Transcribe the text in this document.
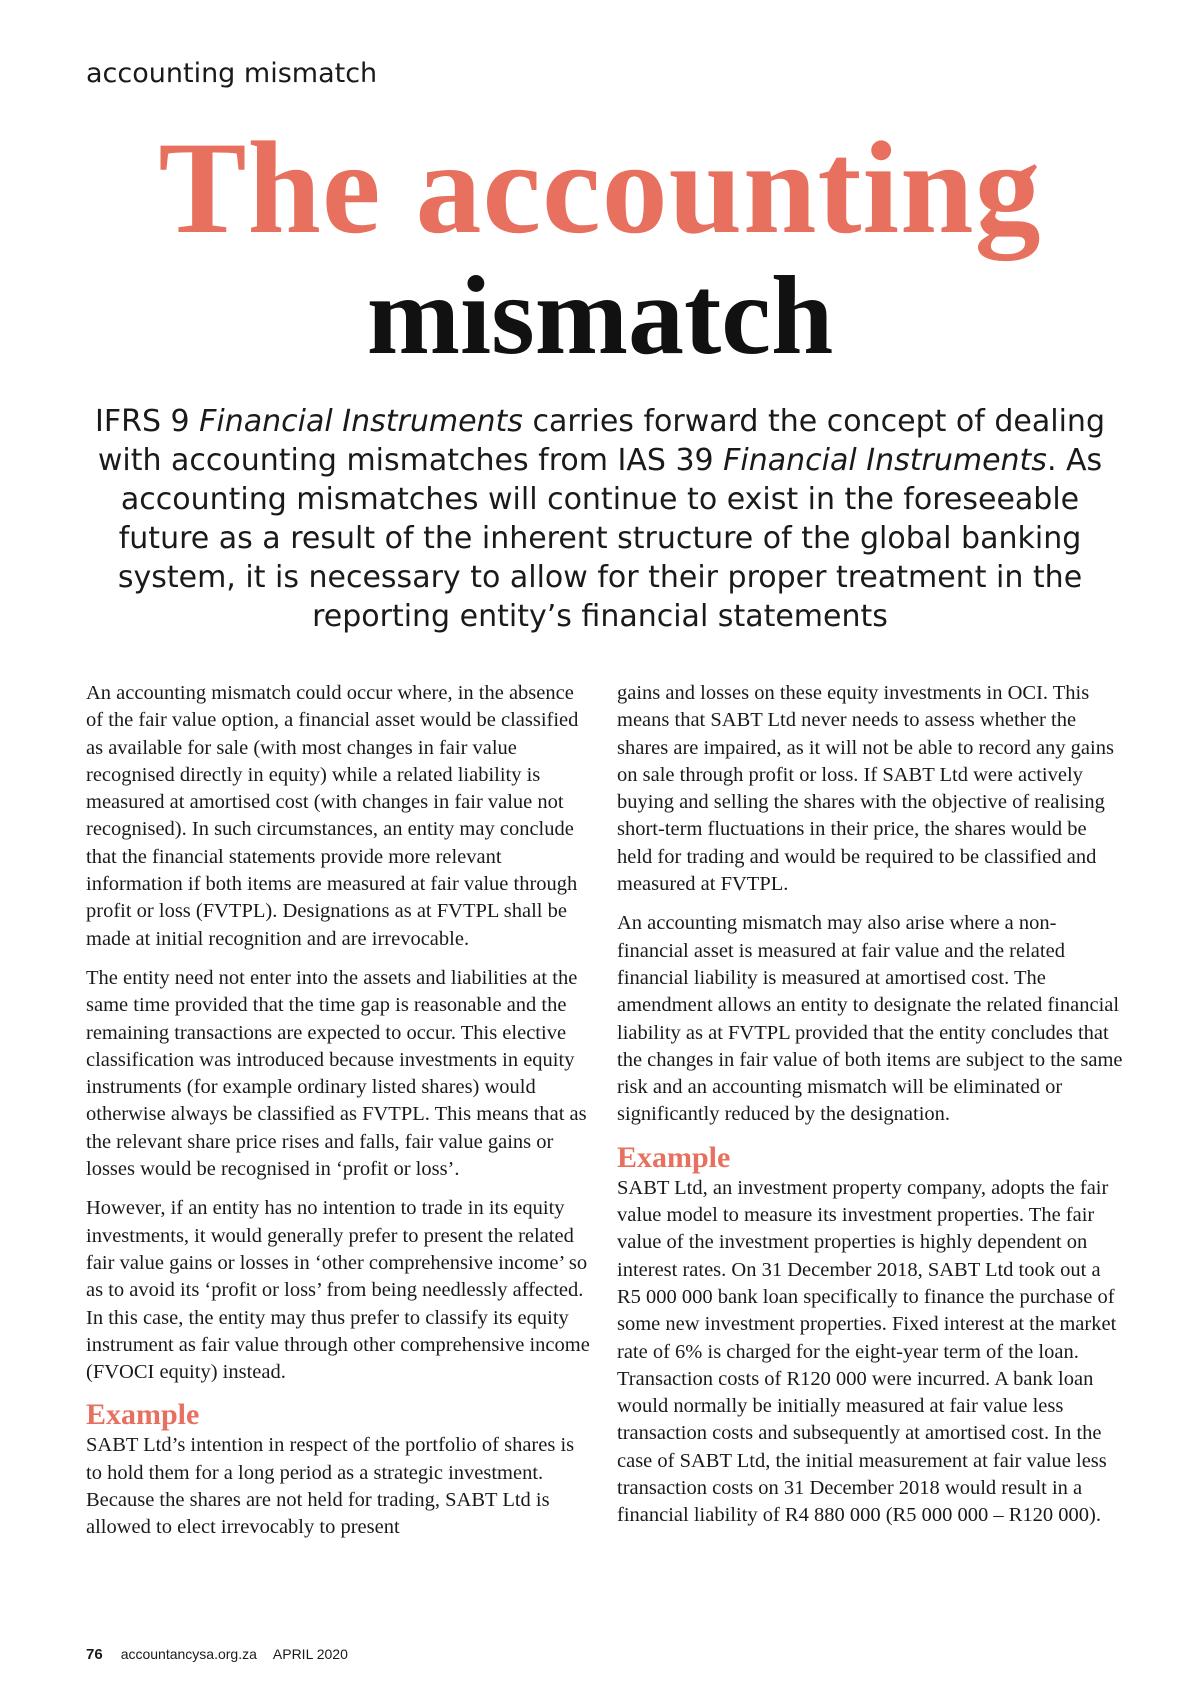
accounting mismatch
The accounting
mismatch
IFRS 9 Financial Instruments carries forward the concept of dealing with accounting mismatches from IAS 39 Financial Instruments. As accounting mismatches will continue to exist in the foreseeable future as a result of the inherent structure of the global banking system, it is necessary to allow for their proper treatment in the reporting entity’s financial statements

An accounting mismatch could occur where, in the absence of the fair value option, a financial asset would be classified as available for sale (with most changes in fair value recognised directly in equity) while a related liability is measured at amortised cost (with changes in fair value not recognised). In such circumstances, an entity may conclude that the financial statements provide more relevant information if both items are measured at fair value through profit or loss (FVTPL). Designations as at FVTPL shall be made at initial recognition and are irrevocable.

The entity need not enter into the assets and liabilities at the same time provided that the time gap is reasonable and the remaining transactions are expected to occur. This elective classification was introduced because investments in equity instruments (for example ordinary listed shares) would otherwise always be classified as FVTPL. This means that as the relevant share price rises and falls, fair value gains or losses would be recognised in ‘profit or loss’.

However, if an entity has no intention to trade in its equity investments, it would generally prefer to present the related fair value gains or losses in ‘other comprehensive income’ so as to avoid its ‘profit or loss’ from being needlessly affected. In this case, the entity may thus prefer to classify its equity instrument as fair value through other comprehensive income (FVOCI equity) instead.

Example

SABT Ltd’s intention in respect of the portfolio of shares is to hold them for a long period as a strategic investment. Because the shares are not held for trading, SABT Ltd is allowed to elect irrevocably to present

gains and losses on these equity investments in OCI. This means that SABT Ltd never needs to assess whether the shares are impaired, as it will not be able to record any gains on sale through profit or loss. If SABT Ltd were actively buying and selling the shares with the objective of realising short-term fluctuations in their price, the shares would be held for trading and would be required to be classified and measured at FVTPL.

An accounting mismatch may also arise where a non-financial asset is measured at fair value and the related financial liability is measured at amortised cost. The amendment allows an entity to designate the related financial liability as at FVTPL provided that the entity concludes that the changes in fair value of both items are subject to the same risk and an accounting mismatch will be eliminated or significantly reduced by the designation.

Example

SABT Ltd, an investment property company, adopts the fair value model to measure its investment properties. The fair value of the investment properties is highly dependent on interest rates. On 31 December 2018, SABT Ltd took out a R5 000 000 bank loan specifically to finance the purchase of some new investment properties. Fixed interest at the market rate of 6% is charged for the eight-year term of the loan. Transaction costs of R120 000 were incurred. A bank loan would normally be initially measured at fair value less transaction costs and subsequently at amortised cost. In the case of SABT Ltd, the initial measurement at fair value less transaction costs on 31 December 2018 would result in a financial liability of R4 880 000 (R5 000 000 – R120 000).

76 accountancysa.org.za APRIL 2020
